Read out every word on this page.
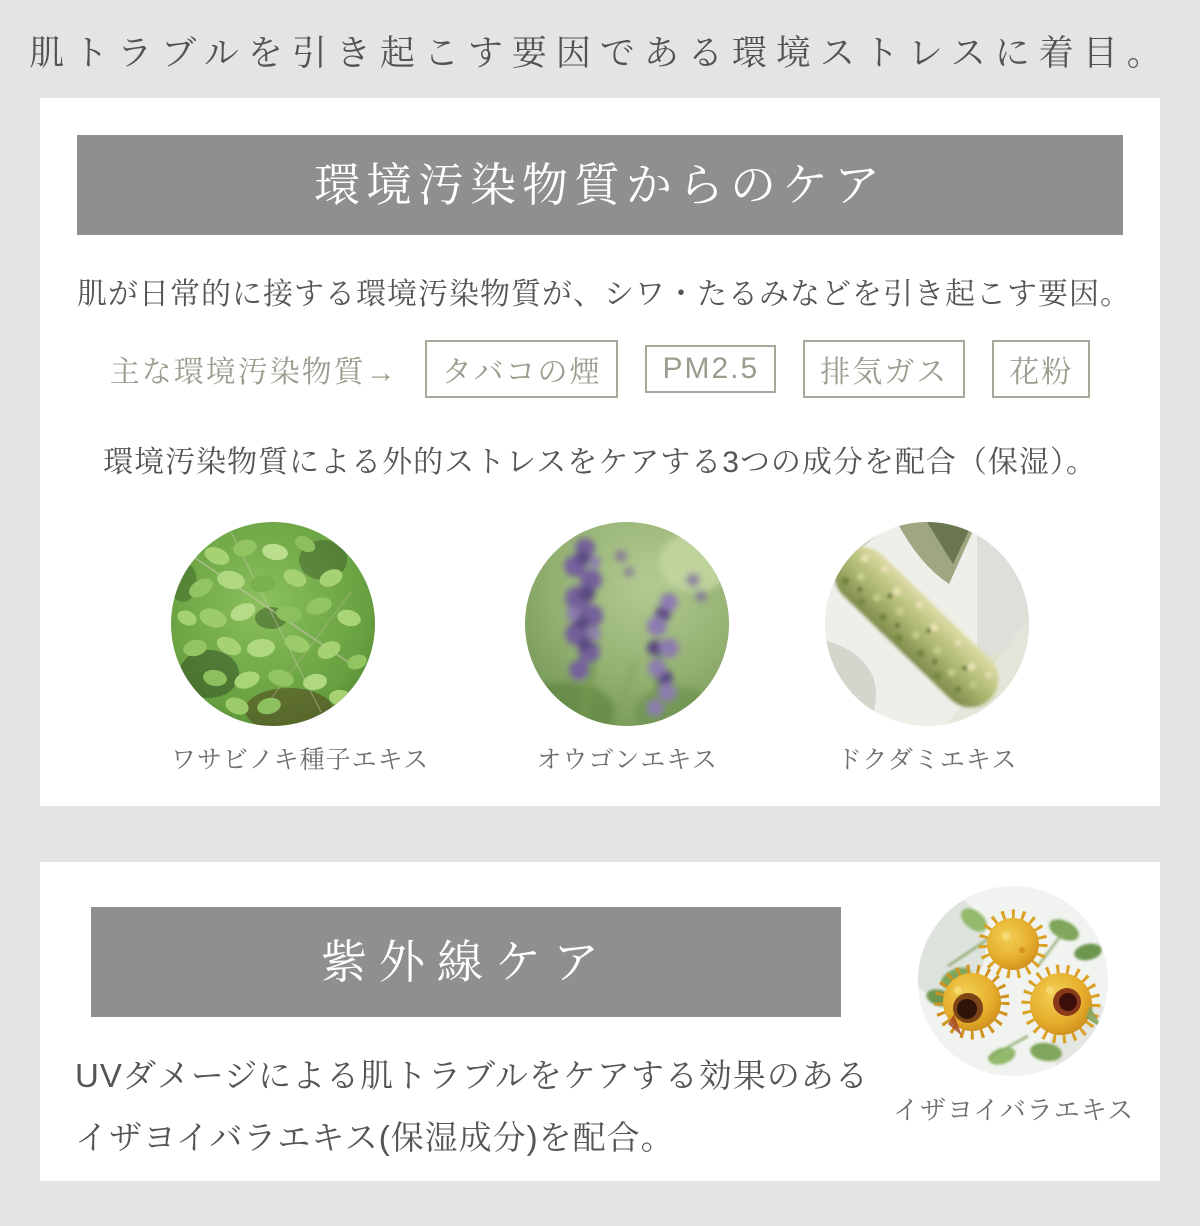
肌トラブルを引き起こす要因である環境ストレスに着目。
環境汚染物質からのケア

肌が日常的に接する環境汚染物質が、シワ・たるみなどを引き起こす要因。

主な環境汚染物質→	タバコの煙	PM2.5	排気ガス	花粉

環境汚染物質による外的ストレスをケアする3つの成分を配合（保湿）。

ワサビノキ種子エキス	オウゴンエキス	ドクダミエキス
紫外線ケア

UVダメージによる肌トラブルをケアする効果のある
イザヨイバラエキス(保湿成分)を配合。

イザヨイバラエキス
